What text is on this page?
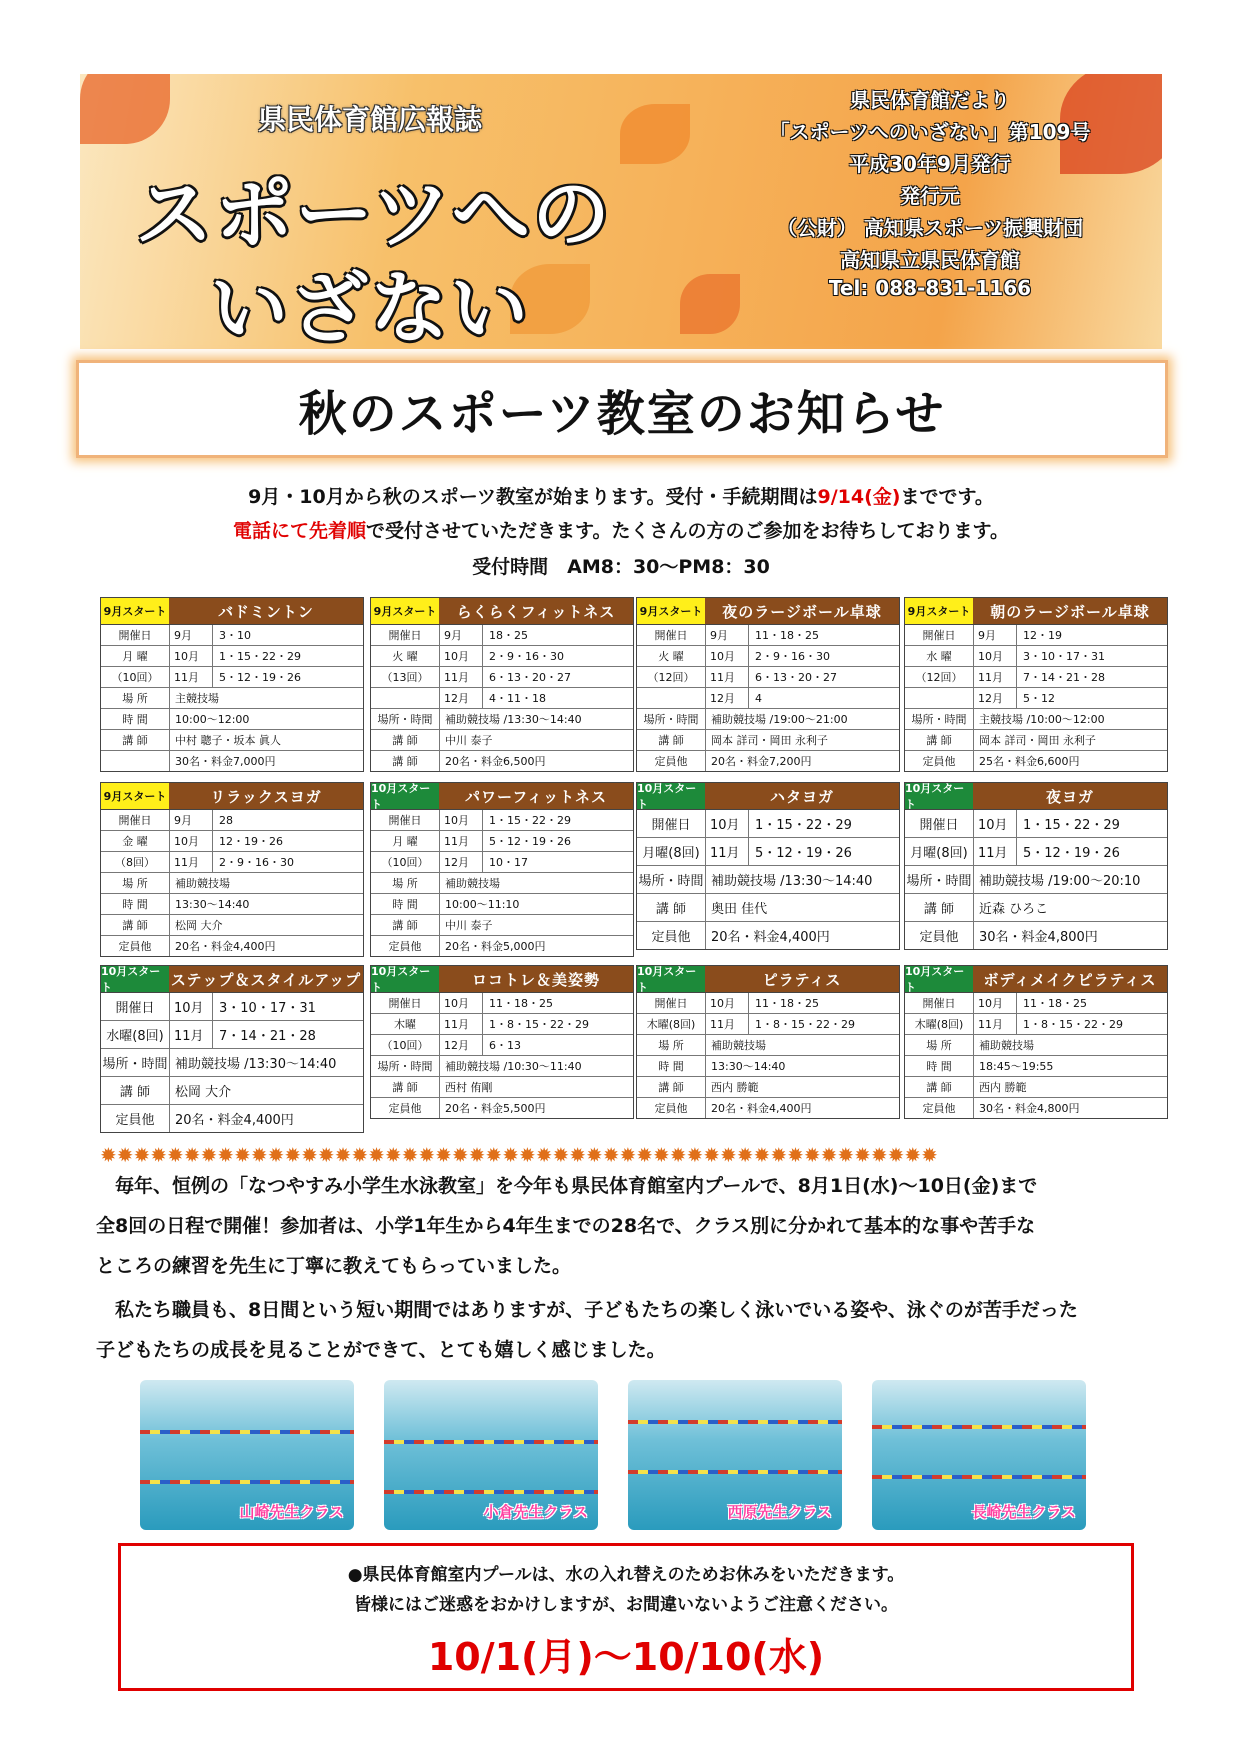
県民体育館広報誌
スポーツへの
いざない
県民体育館だより
「スポーツへのいざない」第109号
平成30年9月発行
発行元
（公財） 高知県スポーツ振興財団
高知県立県民体育館
Tel: 088-831-1166
秋のスポーツ教室のお知らせ
9月・10月から秋のスポーツ教室が始まります。受付・手続期間は9/14(金)までです。
電話にて先着順で受付させていただきます。たくさんの方のご参加をお待ちしております。
受付時間　AM8：30～PM8：30
9月スタート	バドミントン
開催日	9月	3・10
月 曜	10月	1・15・22・29
（10回）	11月	5・12・19・26
場 所	主競技場
時 間	10:00～12:00
講 師	中村 聰子・坂本 眞人
30名・料金7,000円
9月スタート	らくらくフィットネス
開催日	9月	18・25
火 曜	10月	2・9・16・30
（13回）	11月	6・13・20・27
12月	4・11・18
場所・時間	補助競技場 /13:30～14:40
講 師	中川 泰子
講 師	20名・料金6,500円
9月スタート	夜のラージボール卓球
開催日	9月	11・18・25
火 曜	10月	2・9・16・30
（12回）	11月	6・13・20・27
12月	4
場所・時間	補助競技場 /19:00～21:00
講 師	岡本 詳司・岡田 永利子
定員他	20名・料金7,200円
9月スタート	朝のラージボール卓球
開催日	9月	12・19
水 曜	10月	3・10・17・31
（12回）	11月	7・14・21・28
12月	5・12
場所・時間	主競技場 /10:00～12:00
講 師	岡本 詳司・岡田 永利子
定員他	25名・料金6,600円
9月スタート	リラックスヨガ
開催日	9月	28
金 曜	10月	12・19・26
（8回）	11月	2・9・16・30
場 所	補助競技場
時 間	13:30～14:40
講 師	松岡 大介
定員他	20名・料金4,400円
10月スタート	パワーフィットネス
開催日	10月	1・15・22・29
月 曜	11月	5・12・19・26
（10回）	12月	10・17
場 所	補助競技場
時 間	10:00～11:10
講 師	中川 泰子
定員他	20名・料金5,000円
10月スタート	ハタヨガ
開催日	10月	1・15・22・29
月曜(8回) 11月	5・12・19・26
場所・時間 補助競技場 /13:30～14:40
講 師	奥田 佳代
定員他	20名・料金4,400円
10月スタート	夜ヨガ
開催日	10月	1・15・22・29
月曜(8回) 11月	5・12・19・26
場所・時間 補助競技場 /19:00～20:10
講 師	近森 ひろこ
定員他	30名・料金4,800円
10月スタート	ステップ＆スタイルアップ
開催日	10月	3・10・17・31
水曜(8回) 11月	7・14・21・28
場所・時間 補助競技場 /13:30～14:40
講 師	松岡 大介
定員他	20名・料金4,400円
10月スタート	ロコトレ＆美姿勢
開催日	10月	11・18・25
木曜	11月	1・8・15・22・29
（10回）	12月	6・13
場所・時間	補助競技場 /10:30～11:40
講 師	西村 侑剛
定員他	20名・料金5,500円
10月スタート	ピラティス
開催日	10月	11・18・25
木曜(8回)	11月	1・8・15・22・29
場 所	補助競技場
時 間	13:30～14:40
講 師	西内 勝範
定員他	20名・料金4,400円
10月スタート	ボディメイクピラティス
開催日	10月	11・18・25
木曜(8回)	11月	1・8・15・22・29
場 所	補助競技場
時 間	18:45～19:55
講 師	西内 勝範
定員他	30名・料金4,800円
✹✹✹✹✹✹✹✹✹✹✹✹✹✹✹✹✹✹✹✹✹✹✹✹✹✹✹✹✹✹✹✹✹✹✹✹✹✹✹✹✹✹✹✹✹✹✹✹✹✹
　毎年、恒例の「なつやすみ小学生水泳教室」を今年も県民体育館室内プールで、8月1日(水)～10日(金)まで
全8回の日程で開催！参加者は、小学1年生から4年生までの28名で、クラス別に分かれて基本的な事や苦手な
ところの練習を先生に丁寧に教えてもらっていました。
　私たち職員も、8日間という短い期間ではありますが、子どもたちの楽しく泳いでいる姿や、泳ぐのが苦手だった
子どもたちの成長を見ることができて、とても嬉しく感じました。
山崎先生クラス	小倉先生クラス	西原先生クラス	長崎先生クラス
●県民体育館室内プールは、水の入れ替えのためお休みをいただきます。
皆様にはご迷惑をおかけしますが、お間違いないようご注意ください。
10/1(月)～10/10(水)
